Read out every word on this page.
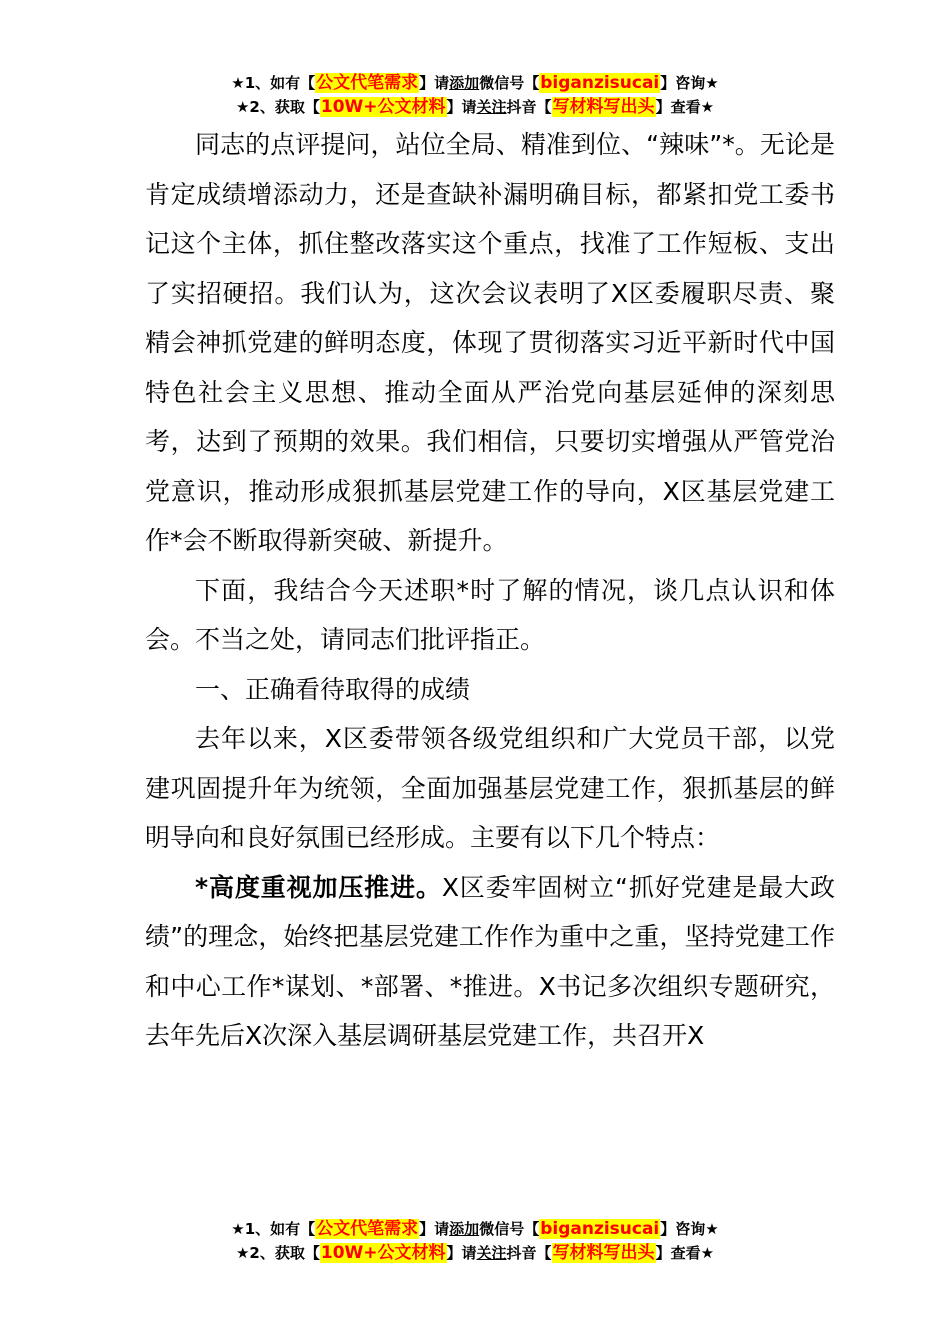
★1、如有【公文代笔需求】请添加微信号【biganzisucai】咨询★
★2、获取【10W+公文材料】请关注抖音【写材料写出头】查看★

同志的点评提问，站位全局、精准到位、“辣味”*。无论是肯定成绩增添动力，还是查缺补漏明确目标，都紧扣党工委书记这个主体，抓住整改落实这个重点，找准了工作短板、支出了实招硬招。我们认为，这次会议表明了X区委履职尽责、聚精会神抓党建的鲜明态度，体现了贯彻落实习近平新时代中国特色社会主义思想、推动全面从严治党向基层延伸的深刻思考，达到了预期的效果。我们相信，只要切实增强从严管党治党意识，推动形成狠抓基层党建工作的导向，X区基层党建工作*会不断取得新突破、新提升。

下面，我结合今天述职*时了解的情况，谈几点认识和体会。不当之处，请同志们批评指正。

一、正确看待取得的成绩

去年以来，X区委带领各级党组织和广大党员干部，以党建巩固提升年为统领，全面加强基层党建工作，狠抓基层的鲜明导向和良好氛围已经形成。主要有以下几个特点：

*高度重视加压推进。X区委牢固树立“抓好党建是最大政绩”的理念，始终把基层党建工作作为重中之重，坚持党建工作和中心工作*谋划、*部署、*推进。X书记多次组织专题研究，去年先后X次深入基层调研基层党建工作，共召开X

★1、如有【公文代笔需求】请添加微信号【biganzisucai】咨询★
★2、获取【10W+公文材料】请关注抖音【写材料写出头】查看★
